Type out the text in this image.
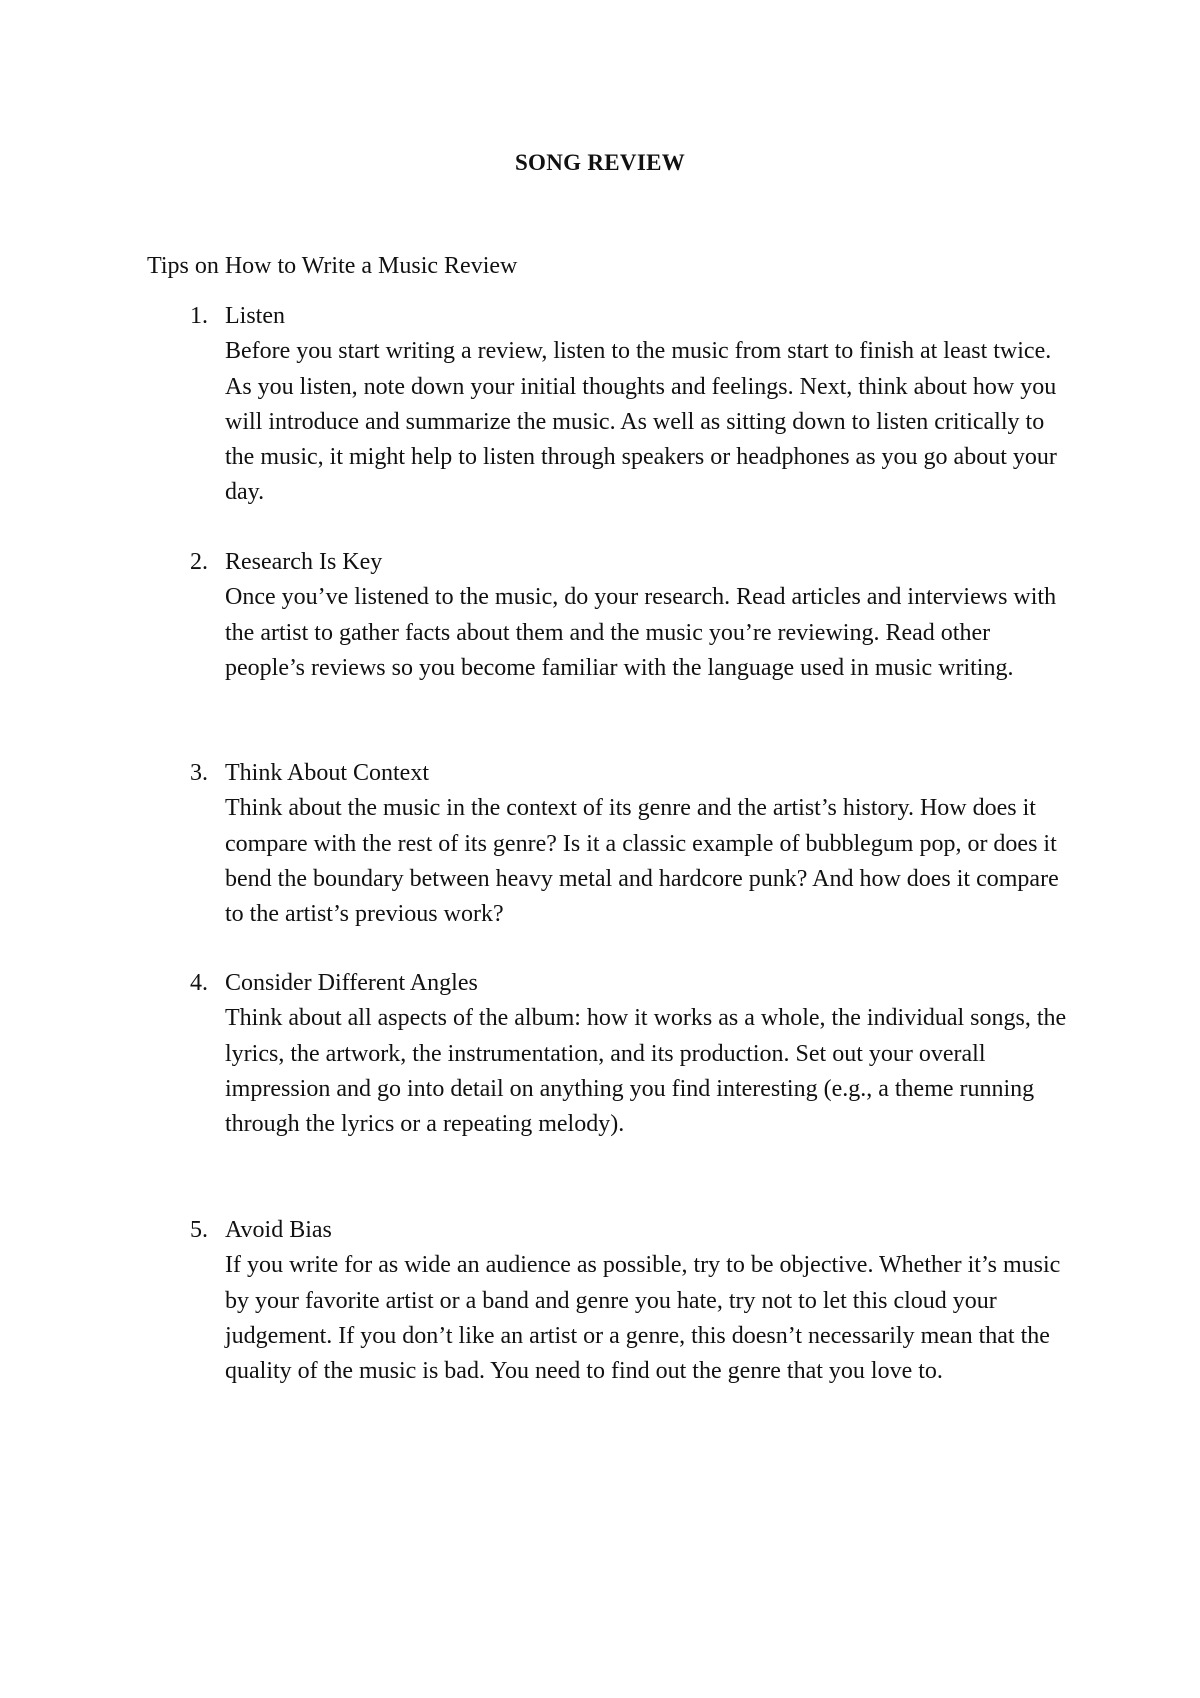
SONG REVIEW
Tips on How to Write a Music Review
1. Listen
Before you start writing a review, listen to the music from start to finish at least twice. As you listen, note down your initial thoughts and feelings. Next, think about how you will introduce and summarize the music. As well as sitting down to listen critically to the music, it might help to listen through speakers or headphones as you go about your day.
2. Research Is Key
Once you’ve listened to the music, do your research. Read articles and interviews with the artist to gather facts about them and the music you’re reviewing. Read other people’s reviews so you become familiar with the language used in music writing.
3. Think About Context
Think about the music in the context of its genre and the artist’s history. How does it compare with the rest of its genre? Is it a classic example of bubblegum pop, or does it bend the boundary between heavy metal and hardcore punk? And how does it compare to the artist’s previous work?
4. Consider Different Angles
Think about all aspects of the album: how it works as a whole, the individual songs, the lyrics, the artwork, the instrumentation, and its production. Set out your overall impression and go into detail on anything you find interesting (e.g., a theme running through the lyrics or a repeating melody).
5. Avoid Bias
If you write for as wide an audience as possible, try to be objective. Whether it’s music by your favorite artist or a band and genre you hate, try not to let this cloud your judgement. If you don’t like an artist or a genre, this doesn’t necessarily mean that the quality of the music is bad. You need to find out the genre that you love to.
